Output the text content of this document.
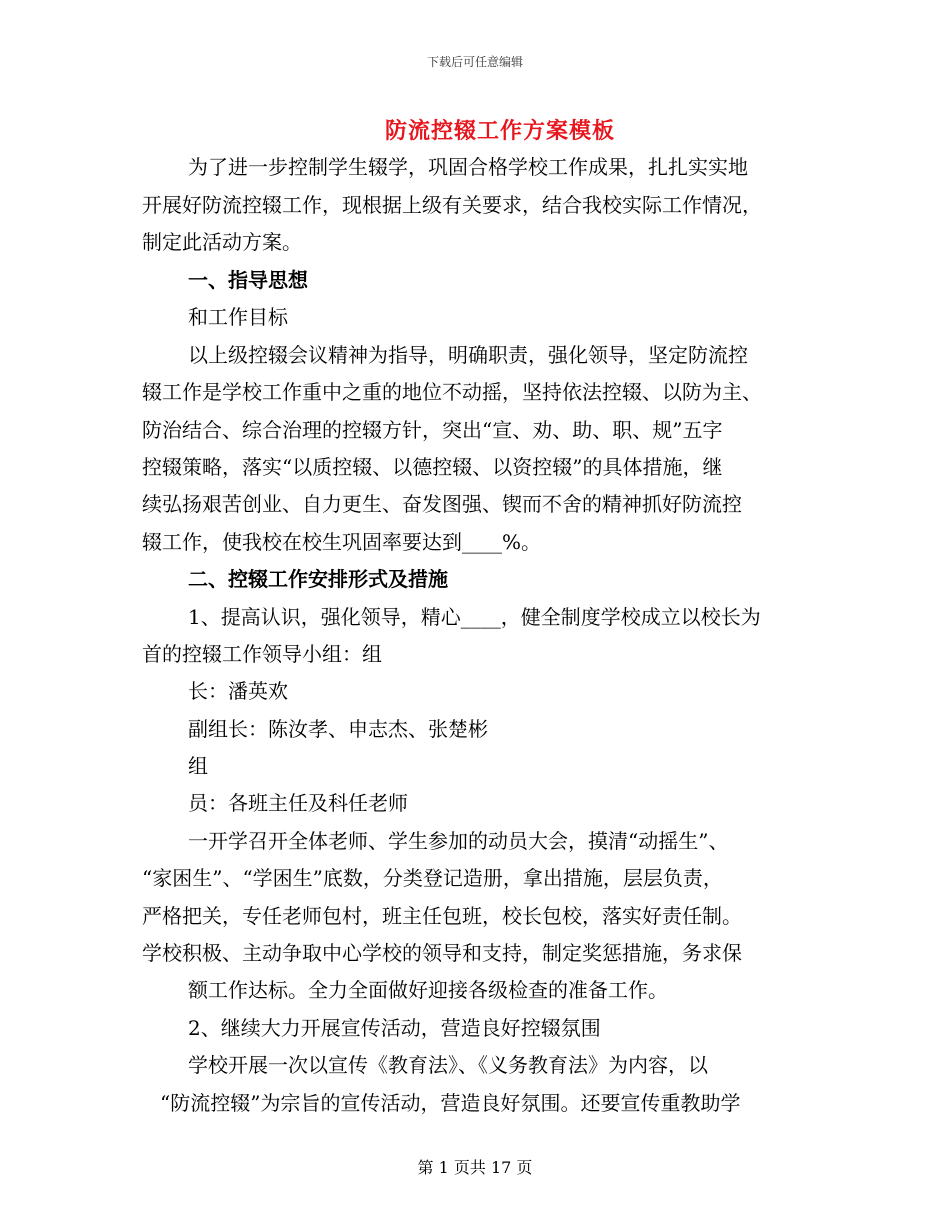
下载后可任意编辑
防流控辍工作方案模板
为了进一步控制学生辍学，巩固合格学校工作成果，扎扎实实地
开展好防流控辍工作，现根据上级有关要求，结合我校实际工作情况，
制定此活动方案。
一、指导思想
和工作目标
以上级控辍会议精神为指导，明确职责，强化领导，坚定防流控
辍工作是学校工作重中之重的地位不动摇，坚持依法控辍、以防为主、
防治结合、综合治理的控辍方针，突出“宣、劝、助、职、规”五字
控辍策略，落实“以质控辍、以德控辍、以资控辍”的具体措施，继
续弘扬艰苦创业、自力更生、奋发图强、锲而不舍的精神抓好防流控
辍工作，使我校在校生巩固率要达到____%。
二、控辍工作安排形式及措施
1、提高认识，强化领导，精心____，健全制度学校成立以校长为
首的控辍工作领导小组：组
长：潘英欢
副组长：陈汝孝、申志杰、张楚彬
组
员：各班主任及科任老师
一开学召开全体老师、学生参加的动员大会，摸清“动摇生”、
“家困生”、“学困生”底数，分类登记造册，拿出措施，层层负责，
严格把关，专任老师包村，班主任包班，校长包校，落实好责任制。
学校积极、主动争取中心学校的领导和支持，制定奖惩措施，务求保
额工作达标。全力全面做好迎接各级检查的准备工作。
2、继续大力开展宣传活动，营造良好控辍氛围
学校开展一次以宣传《教育法》、《义务教育法》为内容，以
“防流控辍”为宗旨的宣传活动，营造良好氛围。还要宣传重教助学
第 1 页共 17 页
